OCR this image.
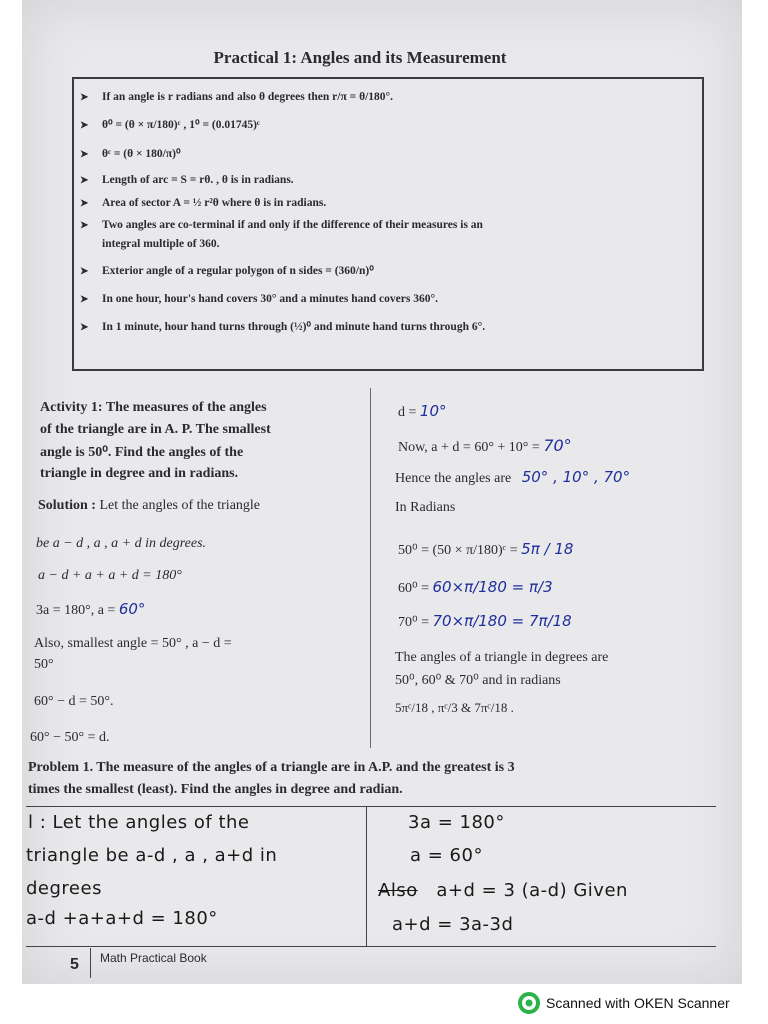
Practical 1: Angles and its Measurement
➤ If an angle is r radians and also θ degrees then r/π = θ/180°.
➤ θ⁰ = (θ × π/180)ᶜ , 1⁰ = (0.01745)ᶜ
➤ θᶜ = (θ × 180/π)⁰
➤ Length of arc = S = rθ. , θ is in radians.
➤ Area of sector A = ½ r²θ where θ is in radians.
➤ Two angles are co-terminal if and only if the difference of their measures is an
integral multiple of 360.
➤ Exterior angle of a regular polygon of n sides = (360/n)⁰
➤ In one hour, hour's hand covers 30° and a minutes hand covers 360°.
➤ In 1 minute, hour hand turns through (½)⁰ and minute hand turns through 6°.
Activity 1: The measures of the angles
of the triangle are in A. P. The smallest
angle is 50⁰. Find the angles of the
triangle in degree and in radians.
Solution : Let the angles of the triangle
be a − d , a , a + d in degrees.
a − d + a + a + d = 180°
3a = 180°, a = 60°
Also, smallest angle = 50° , a − d =
50°
60° − d = 50°.
60° − 50° = d.
d = 10°
Now, a + d = 60° + 10° = 70°
Hence the angles are 50° , 10° , 70°
In Radians
50⁰ = (50 × π/180)ᶜ = 5π / 18
60⁰ = 60×π/180 = π/3
70⁰ = 70×π/180 = 7π/18
The angles of a triangle in degrees are
50⁰, 60⁰ & 70⁰ and in radians
5πᶜ/18 , πᶜ/3 & 7πᶜ/18 .
Problem 1. The measure of the angles of a triangle are in A.P. and the greatest is 3
times the smallest (least). Find the angles in degree and radian.
l : Let the angles of the
triangle be a-d , a , a+d in
degrees
a-d +a+a+d = 180°
3a = 180°
a = 60°
Also a+d = 3 (a-d) Given
a+d = 3a-3d
5 Math Practical Book
Scanned with OKEN Scanner
